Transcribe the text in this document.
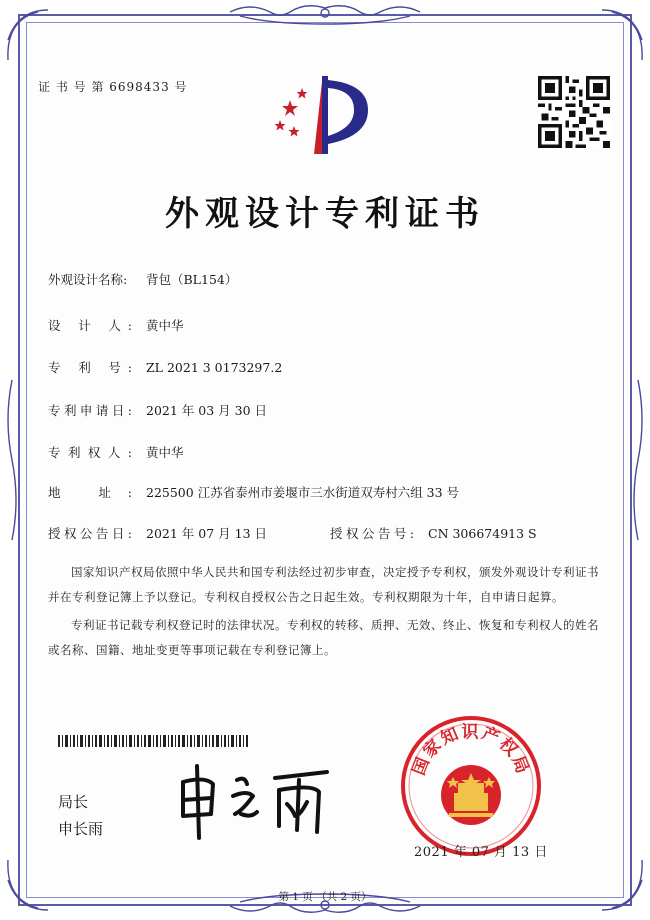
证 书 号 第 6698433 号
外观设计专利证书
外观设计名称: 背包（BL154）
设 计 人: 黄中华
专 利 号: ZL 2021 3 0173297.2
专利申请日: 2021 年 03 月 30 日
专利权人: 黄中华
地 址: 225500 江苏省泰州市姜堰市三水街道双寿村六组 33 号
授权公告日: 2021 年 07 月 13 日	授权公告号: CN 306674913 S
国家知识产权局依照中华人民共和国专利法经过初步审查，决定授予专利权，颁发外观设计专利证书并在专利登记簿上予以登记。专利权自授权公告之日起生效。专利权期限为十年，自申请日起算。
专利证书记载专利权登记时的法律状况。专利权的转移、质押、无效、终止、恢复和专利权人的姓名或名称、国籍、地址变更等事项记载在专利登记簿上。
局长
申长雨
国家知识产权局
2021 年 07 月 13 日
第 1 页 （共 2 页）
